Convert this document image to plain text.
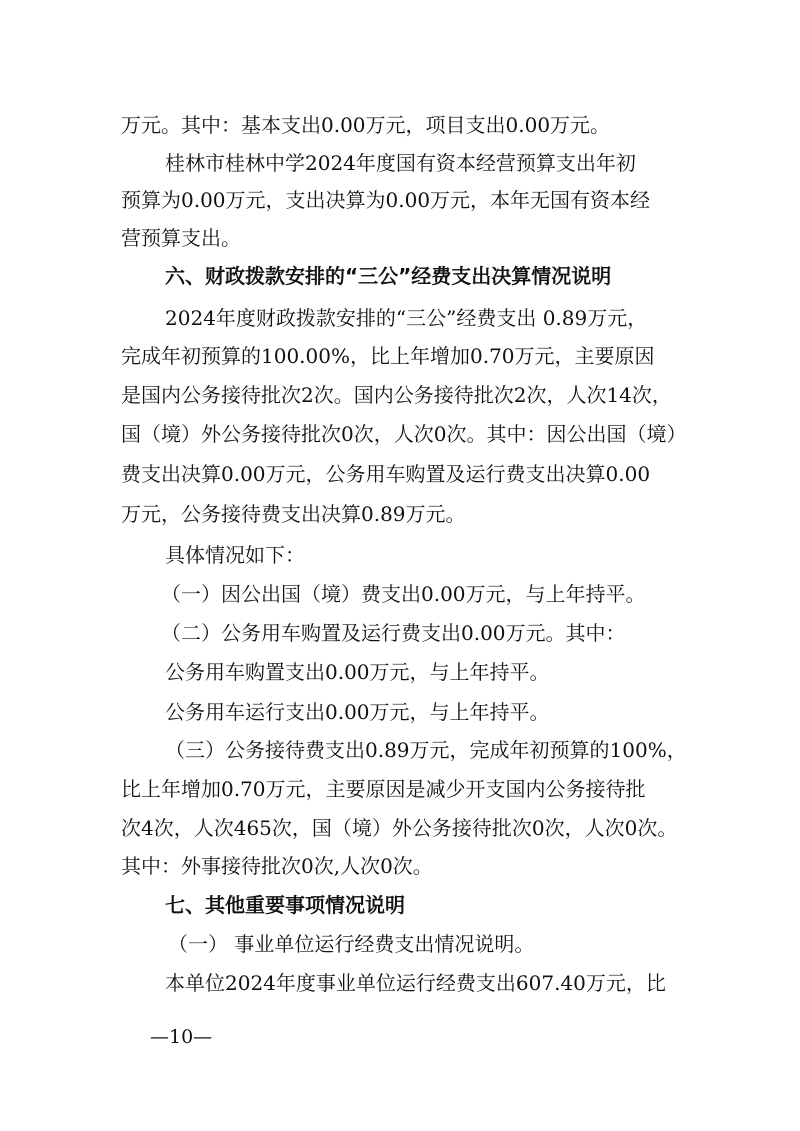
万元。其中：基本支出0.00万元，项目支出0.00万元。
桂林市桂林中学2024年度国有资本经营预算支出年初
预算为0.00万元，支出决算为0.00万元，本年无国有资本经
营预算支出。
六、财政拨款安排的“三公”经费支出决算情况说明
2024年度财政拨款安排的“三公”经费支出 0.89万元，
完成年初预算的100.00%，比上年增加0.70万元，主要原因
是国内公务接待批次2次。国内公务接待批次2次，人次14次，
国（境）外公务接待批次0次，人次0次。其中：因公出国（境）
费支出决算0.00万元，公务用车购置及运行费支出决算0.00
万元，公务接待费支出决算0.89万元。
具体情况如下：
（一）因公出国（境）费支出0.00万元，与上年持平。
（二）公务用车购置及运行费支出0.00万元。其中：
公务用车购置支出0.00万元，与上年持平。
公务用车运行支出0.00万元，与上年持平。
（三）公务接待费支出0.89万元，完成年初预算的100%，
比上年增加0.70万元，主要原因是减少开支国内公务接待批
次4次，人次465次，国（境）外公务接待批次0次，人次0次。
其中：外事接待批次0次,人次0次。
七、其他重要事项情况说明
（一） 事业单位运行经费支出情况说明。
本单位2024年度事业单位运行经费支出607.40万元，比
—10—
